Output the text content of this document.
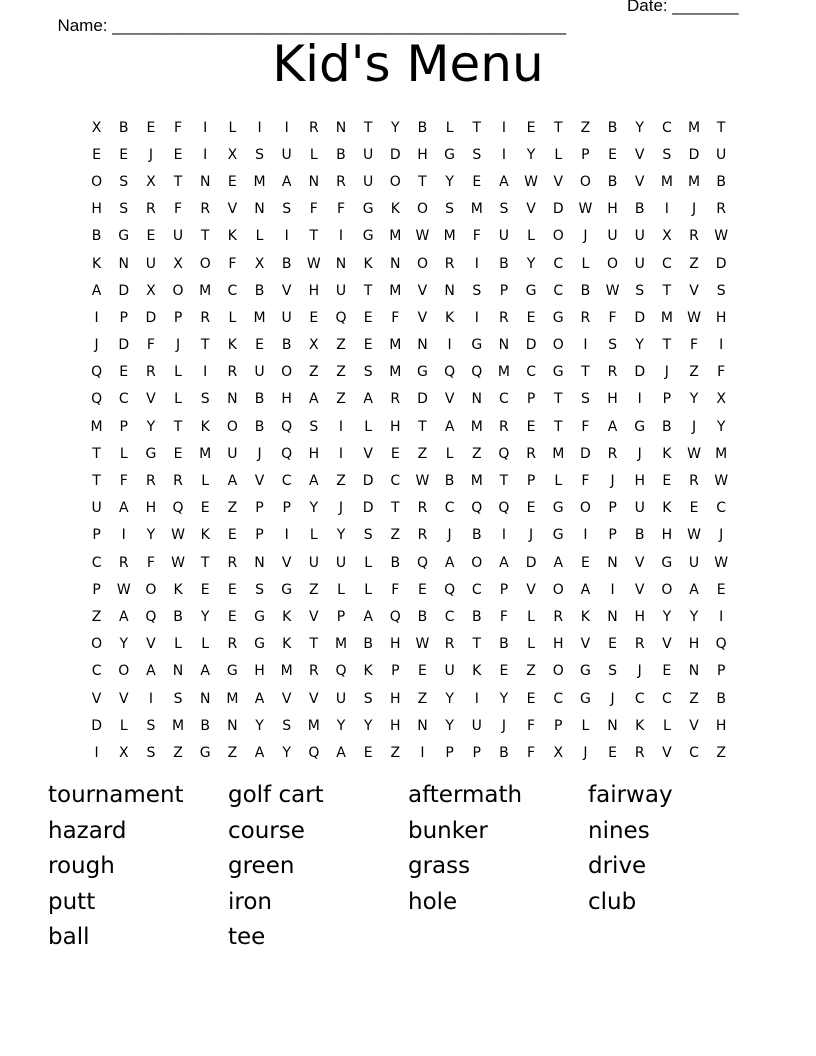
Name: ________________________________________________

Date: _______

Kid's Menu
X	B	E	F	I	L	I	I	R	N	T	Y	B	L	T	I	E	T	Z	B	Y	C	M	T
E	E	J	E	I	X	S	U	L	B	U	D	H	G	S	I	Y	L	P	E	V	S	D	U
O	S	X	T	N	E	M	A	N	R	U	O	T	Y	E	A	W	V	O	B	V	M	M	B
H	S	R	F	R	V	N	S	F	F	G	K	O	S	M	S	V	D	W	H	B	I	J	R
B	G	E	U	T	K	L	I	T	I	G	M	W	M	F	U	L	O	J	U	U	X	R	W
K	N	U	X	O	F	X	B	W	N	K	N	O	R	I	B	Y	C	L	O	U	C	Z	D
A	D	X	O	M	C	B	V	H	U	T	M	V	N	S	P	G	C	B	W	S	T	V	S
I	P	D	P	R	L	M	U	E	Q	E	F	V	K	I	R	E	G	R	F	D	M	W	H
J	D	F	J	T	K	E	B	X	Z	E	M	N	I	G	N	D	O	I	S	Y	T	F	I
Q	E	R	L	I	R	U	O	Z	Z	S	M	G	Q	Q	M	C	G	T	R	D	J	Z	F
Q	C	V	L	S	N	B	H	A	Z	A	R	D	V	N	C	P	T	S	H	I	P	Y	X
M	P	Y	T	K	O	B	Q	S	I	L	H	T	A	M	R	E	T	F	A	G	B	J	Y
T	L	G	E	M	U	J	Q	H	I	V	E	Z	L	Z	Q	R	M	D	R	J	K	W	M
T	F	R	R	L	A	V	C	A	Z	D	C	W	B	M	T	P	L	F	J	H	E	R	W
U	A	H	Q	E	Z	P	P	Y	J	D	T	R	C	Q	Q	E	G	O	P	U	K	E	C
P	I	Y	W	K	E	P	I	L	Y	S	Z	R	J	B	I	J	G	I	P	B	H	W	J
C	R	F	W	T	R	N	V	U	U	L	B	Q	A	O	A	D	A	E	N	V	G	U	W
P	W	O	K	E	E	S	G	Z	L	L	F	E	Q	C	P	V	O	A	I	V	O	A	E
Z	A	Q	B	Y	E	G	K	V	P	A	Q	B	C	B	F	L	R	K	N	H	Y	Y	I
O	Y	V	L	L	R	G	K	T	M	B	H	W	R	T	B	L	H	V	E	R	V	H	Q
C	O	A	N	A	G	H	M	R	Q	K	P	E	U	K	E	Z	O	G	S	J	E	N	P
V	V	I	S	N	M	A	V	V	U	S	H	Z	Y	I	Y	E	C	G	J	C	C	Z	B
D	L	S	M	B	N	Y	S	M	Y	Y	H	N	Y	U	J	F	P	L	N	K	L	V	H
I	X	S	Z	G	Z	A	Y	Q	A	E	Z	I	P	P	B	F	X	J	E	R	V	C	Z
tournament	golf cart	aftermath	fairway
hazard	course	bunker	nines
rough	green	grass	drive
putt	iron	hole	club
ball	tee
